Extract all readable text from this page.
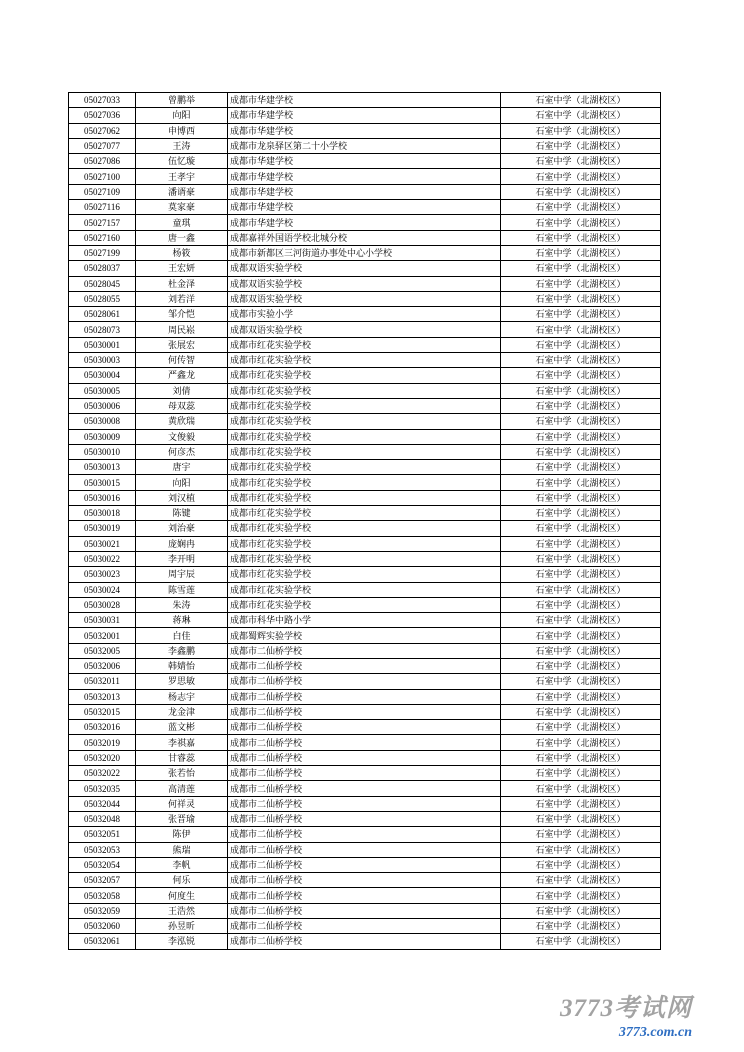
05027033	曾鹏举	成都市华建学校	石室中学（北湖校区）
05027036	向阳	成都市华建学校	石室中学（北湖校区）
05027062	申博西	成都市华建学校	石室中学（北湖校区）
05027077	王涛	成都市龙泉驿区第二十小学校	石室中学（北湖校区）
05027086	伍忆璇	成都市华建学校	石室中学（北湖校区）
05027100	王孝宇	成都市华建学校	石室中学（北湖校区）
05027109	潘谞豪	成都市华建学校	石室中学（北湖校区）
05027116	莫家豪	成都市华建学校	石室中学（北湖校区）
05027157	童琪	成都市华建学校	石室中学（北湖校区）
05027160	唐一鑫	成都嘉祥外国语学校北城分校	石室中学（北湖校区）
05027199	杨筱	成都市新都区三河街道办事处中心小学校	石室中学（北湖校区）
05028037	王宏妍	成都双语实验学校	石室中学（北湖校区）
05028045	杜金泽	成都双语实验学校	石室中学（北湖校区）
05028055	刘若洋	成都双语实验学校	石室中学（北湖校区）
05028061	邹介恺	成都市实验小学	石室中学（北湖校区）
05028073	周民崧	成都双语实验学校	石室中学（北湖校区）
05030001	张展宏	成都市红花实验学校	石室中学（北湖校区）
05030003	何传智	成都市红花实验学校	石室中学（北湖校区）
05030004	严鑫龙	成都市红花实验学校	石室中学（北湖校区）
05030005	刘倩	成都市红花实验学校	石室中学（北湖校区）
05030006	母双蕊	成都市红花实验学校	石室中学（北湖校区）
05030008	黄欣瑞	成都市红花实验学校	石室中学（北湖校区）
05030009	文俊毅	成都市红花实验学校	石室中学（北湖校区）
05030010	何彦杰	成都市红花实验学校	石室中学（北湖校区）
05030013	唐宇	成都市红花实验学校	石室中学（北湖校区）
05030015	向阳	成都市红花实验学校	石室中学（北湖校区）
05030016	刘汉植	成都市红花实验学校	石室中学（北湖校区）
05030018	陈键	成都市红花实验学校	石室中学（北湖校区）
05030019	刘治豪	成都市红花实验学校	石室中学（北湖校区）
05030021	庞娴冉	成都市红花实验学校	石室中学（北湖校区）
05030022	李开明	成都市红花实验学校	石室中学（北湖校区）
05030023	周宇辰	成都市红花实验学校	石室中学（北湖校区）
05030024	陈雪莲	成都市红花实验学校	石室中学（北湖校区）
05030028	朱涛	成都市红花实验学校	石室中学（北湖校区）
05030031	蒋琳	成都市科华中路小学	石室中学（北湖校区）
05032001	白佳	成都蜀辉实验学校	石室中学（北湖校区）
05032005	李鑫鹏	成都市二仙桥学校	石室中学（北湖校区）
05032006	韩婧怡	成都市二仙桥学校	石室中学（北湖校区）
05032011	罗思敏	成都市二仙桥学校	石室中学（北湖校区）
05032013	杨志宇	成都市二仙桥学校	石室中学（北湖校区）
05032015	龙金津	成都市二仙桥学校	石室中学（北湖校区）
05032016	蓝文彬	成都市二仙桥学校	石室中学（北湖校区）
05032019	李祺嘉	成都市二仙桥学校	石室中学（北湖校区）
05032020	甘睿蕊	成都市二仙桥学校	石室中学（北湖校区）
05032022	张若怡	成都市二仙桥学校	石室中学（北湖校区）
05032035	高清莲	成都市二仙桥学校	石室中学（北湖校区）
05032044	何祥灵	成都市二仙桥学校	石室中学（北湖校区）
05032048	张晋瑜	成都市二仙桥学校	石室中学（北湖校区）
05032051	陈伊	成都市二仙桥学校	石室中学（北湖校区）
05032053	熊瑞	成都市二仙桥学校	石室中学（北湖校区）
05032054	李帆	成都市二仙桥学校	石室中学（北湖校区）
05032057	何乐	成都市二仙桥学校	石室中学（北湖校区）
05032058	何度生	成都市二仙桥学校	石室中学（北湖校区）
05032059	王浩然	成都市二仙桥学校	石室中学（北湖校区）
05032060	孙昱昕	成都市二仙桥学校	石室中学（北湖校区）
05032061	李泓锐	成都市二仙桥学校	石室中学（北湖校区）
3773考试网
3773.com.cn
